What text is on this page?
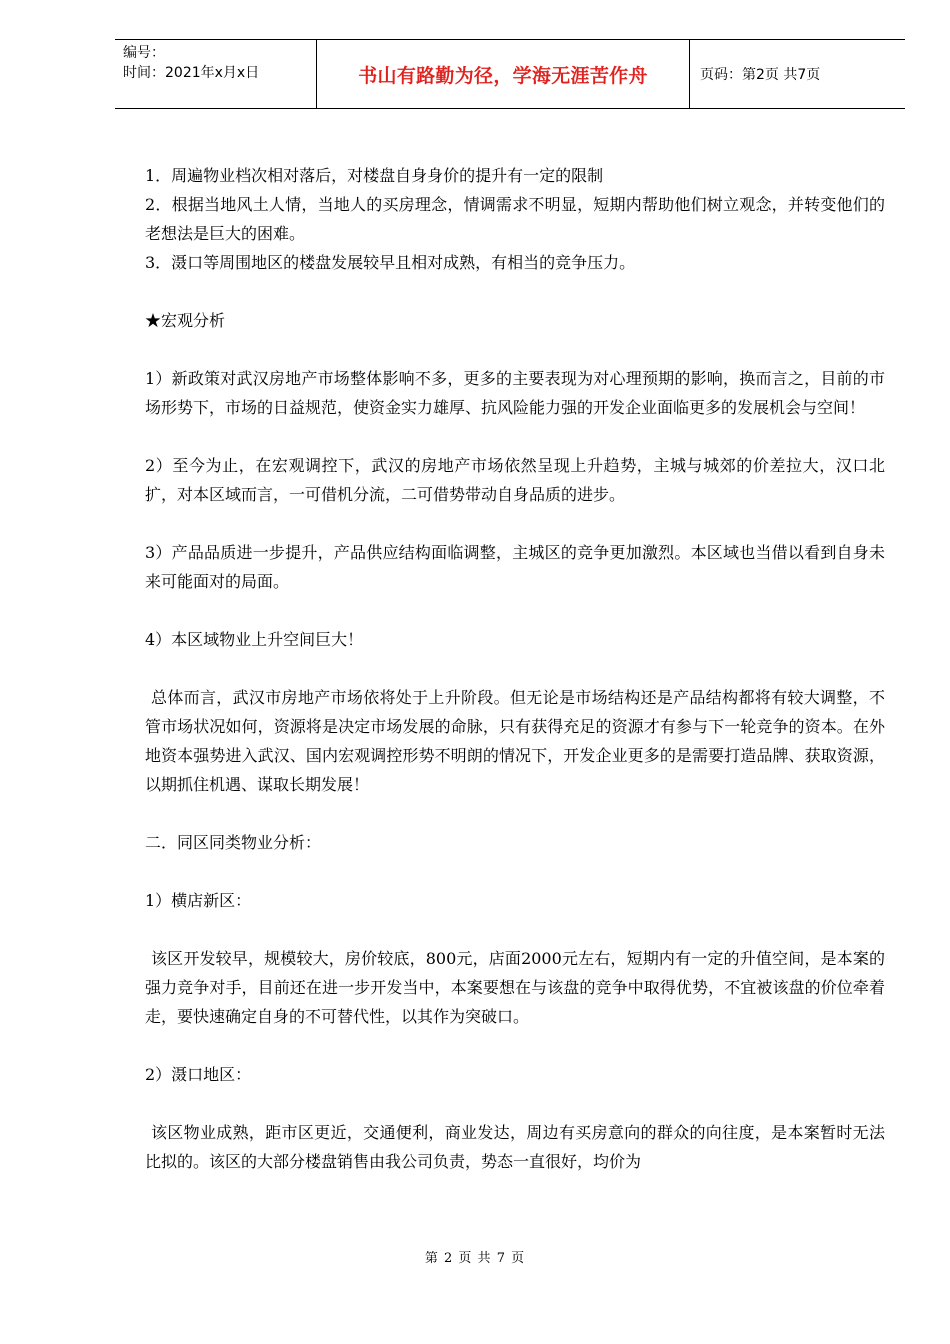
编号：
时间：2021年x月x日	书山有路勤为径，学海无涯苦作舟	页码：第2页 共7页

1．周遍物业档次相对落后，对楼盘自身身价的提升有一定的限制

2．根据当地风土人情，当地人的买房理念，情调需求不明显，短期内帮助他们树立观念，并转变他们的老想法是巨大的困难。

3．滠口等周围地区的楼盘发展较早且相对成熟，有相当的竞争压力。

★宏观分析

1）新政策对武汉房地产市场整体影响不多，更多的主要表现为对心理预期的影响，换而言之，目前的市场形势下，市场的日益规范，使资金实力雄厚、抗风险能力强的开发企业面临更多的发展机会与空间！

2）至今为止，在宏观调控下，武汉的房地产市场依然呈现上升趋势，主城与城郊的价差拉大，汉口北扩，对本区域而言，一可借机分流，二可借势带动自身品质的进步。

3）产品品质进一步提升，产品供应结构面临调整，主城区的竞争更加激烈。本区域也当借以看到自身未来可能面对的局面。

4）本区域物业上升空间巨大！

总体而言，武汉市房地产市场依将处于上升阶段。但无论是市场结构还是产品结构都将有较大调整，不管市场状况如何，资源将是决定市场发展的命脉，只有获得充足的资源才有参与下一轮竞争的资本。在外地资本强势进入武汉、国内宏观调控形势不明朗的情况下，开发企业更多的是需要打造品牌、获取资源，以期抓住机遇、谋取长期发展！

二．同区同类物业分析：

1）横店新区：

该区开发较早，规模较大，房价较底，800元，店面2000元左右，短期内有一定的升值空间，是本案的强力竞争对手，目前还在进一步开发当中，本案要想在与该盘的竞争中取得优势，不宜被该盘的价位牵着走，要快速确定自身的不可替代性，以其作为突破口。

2）滠口地区：

该区物业成熟，距市区更近，交通便利，商业发达，周边有买房意向的群众的向往度，是本案暂时无法比拟的。该区的大部分楼盘销售由我公司负责，势态一直很好，均价为

第 2 页 共 7 页
